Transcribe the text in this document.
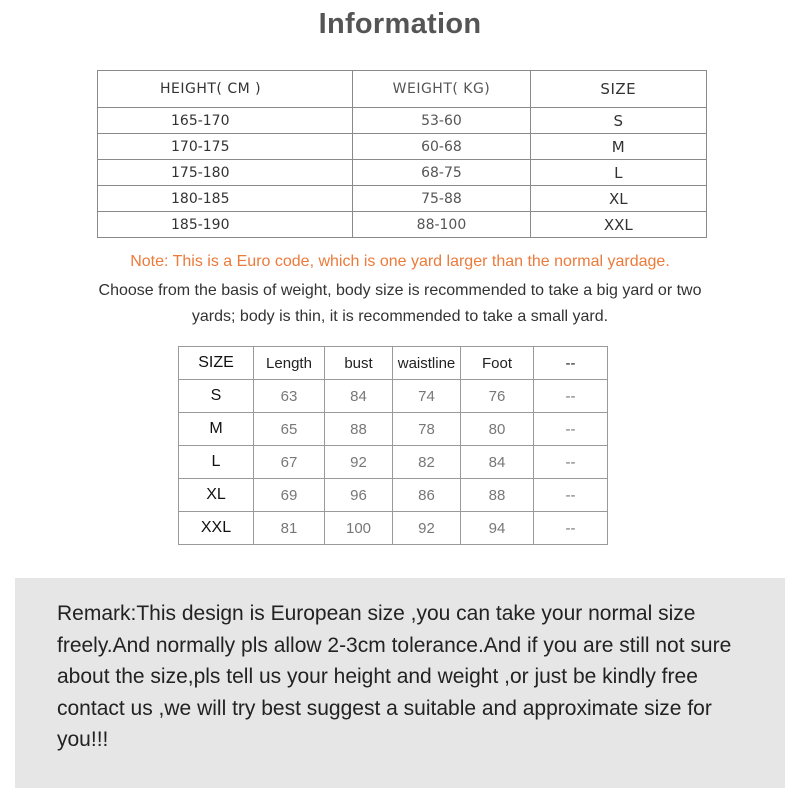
Information
HEIGHT( CM )	WEIGHT( KG)	SIZE
165-170	53-60	S
170-175	60-68	M
175-180	68-75	L
180-185	75-88	XL
185-190	88-100	XXL
Note: This is a Euro code, which is one yard larger than the normal yardage.
Choose from the basis of weight, body size is recommended to take a big yard or two yards; body is thin, it is recommended to take a small yard.
SIZE	Length	bust	waistline	Foot	--
S	63	84	74	76	--
M	65	88	78	80	--
L	67	92	82	84	--
XL	69	96	86	88	--
XXL	81	100	92	94	--

Remark:This design is European size ,you can take your normal size freely.And normally pls allow 2-3cm tolerance.And if you are still not sure about the size,pls tell us your height and weight ,or just be kindly free contact us ,we will try best suggest a suitable and approximate size for you!!!
